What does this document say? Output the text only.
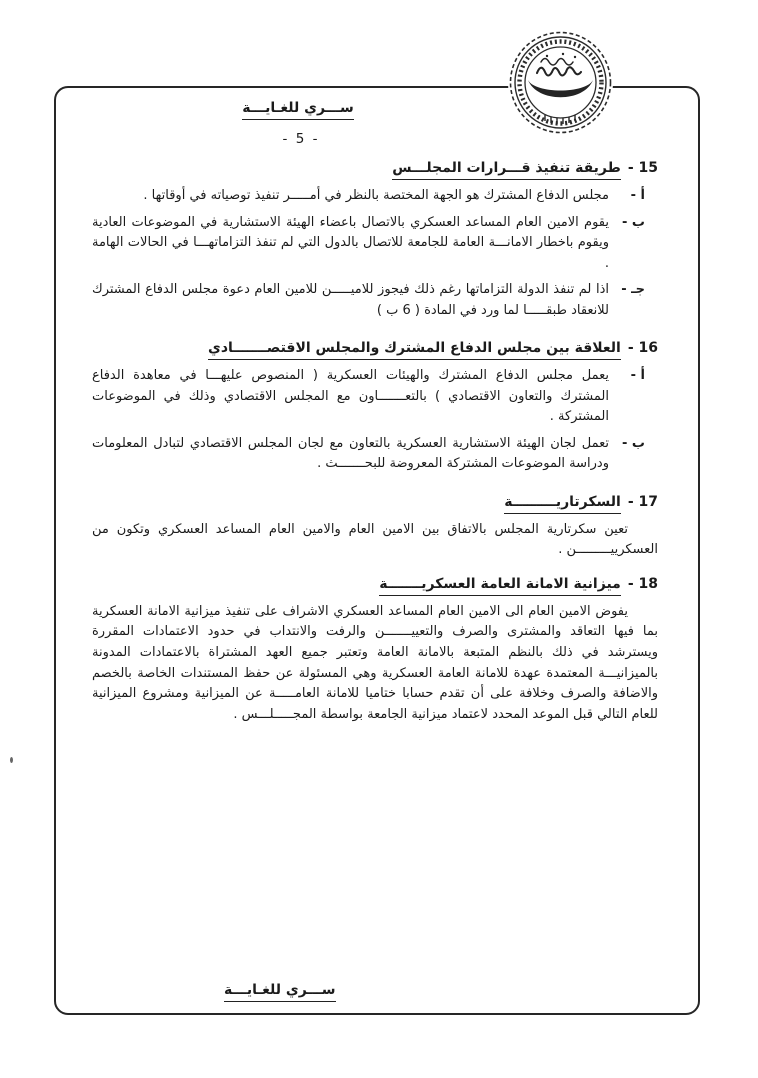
ســـري للغـايـــة
- 5 -
15 -
طريقة تنفيذ قـــرارات المجلـــس
أ -
مجلس الدفاع المشترك هو الجهة المختصة بالنظر في أمـــــر تنفيذ توصياته في أوقاتها .
ب -
يقوم الامين العام المساعد العسكري بالاتصال باعضاء الهيئة الاستشارية في الموضوعات العادية ويقوم باخطار الامانـــة العامة للجامعة للاتصال بالدول التي لم تنفذ التزاماتهـــا في الحالات الهامة .
جـ -
اذا لم تنفذ الدولة التزاماتها رغم ذلك فيجوز للاميـــــن للامين العام دعوة مجلس الدفاع المشترك للانعقاد طبقـــــا لما ورد في المادة ( 6 ب )
16 -
العلاقة بين مجلس الدفاع المشترك والمجلس الاقتصـــــــادي
أ -
يعمل مجلس الدفاع المشترك والهيئات العسكرية ( المنصوص عليهـــا في معاهدة الدفاع المشترك والتعاون الاقتصادي ) بالتعـــــــاون مع المجلس الاقتصادي وذلك في الموضوعات المشتركة .
ب -
تعمل لجان الهيئة الاستشارية العسكرية بالتعاون مع لجان المجلس الاقتصادي لتبادل المعلومات ودراسة الموضوعات المشتركة المعروضة للبحـــــــث .
17 -
السكرتاريـــــــــة

تعين سكرتارية المجلس بالاتفاق بين الامين العام والامين العام المساعد العسكري وتكون من العسكرييـــــــــن .

18 -
ميزانية الامانة العامة العسكريـــــــة

يفوض الامين العام الى الامين العام المساعد العسكري الاشراف على تنفيذ ميزانية الامانة العسكرية بما فيها التعاقد والمشترى والصرف والتعييـــــــن والرفت والانتداب في حدود الاعتمادات المقررة ويسترشد في ذلك بالنظم المتبعة بالامانة العامة وتعتبر جميع العهد المشتراة بالاعتمادات المدونة بالميزانيـــة المعتمدة عهدة للامانة العامة العسكرية وهي المسئولة عن حفظ المستندات الخاصة بالخصم والاضافة والصرف وخلافة على أن تقدم حسابا ختاميا للامانة العامـــــة عن الميزانية ومشروع الميزانية للعام التالي قبل الموعد المحدد لاعتماد ميزانية الجامعة بواسطة المجـــــلـــس .

ســـري للغـايـــة
